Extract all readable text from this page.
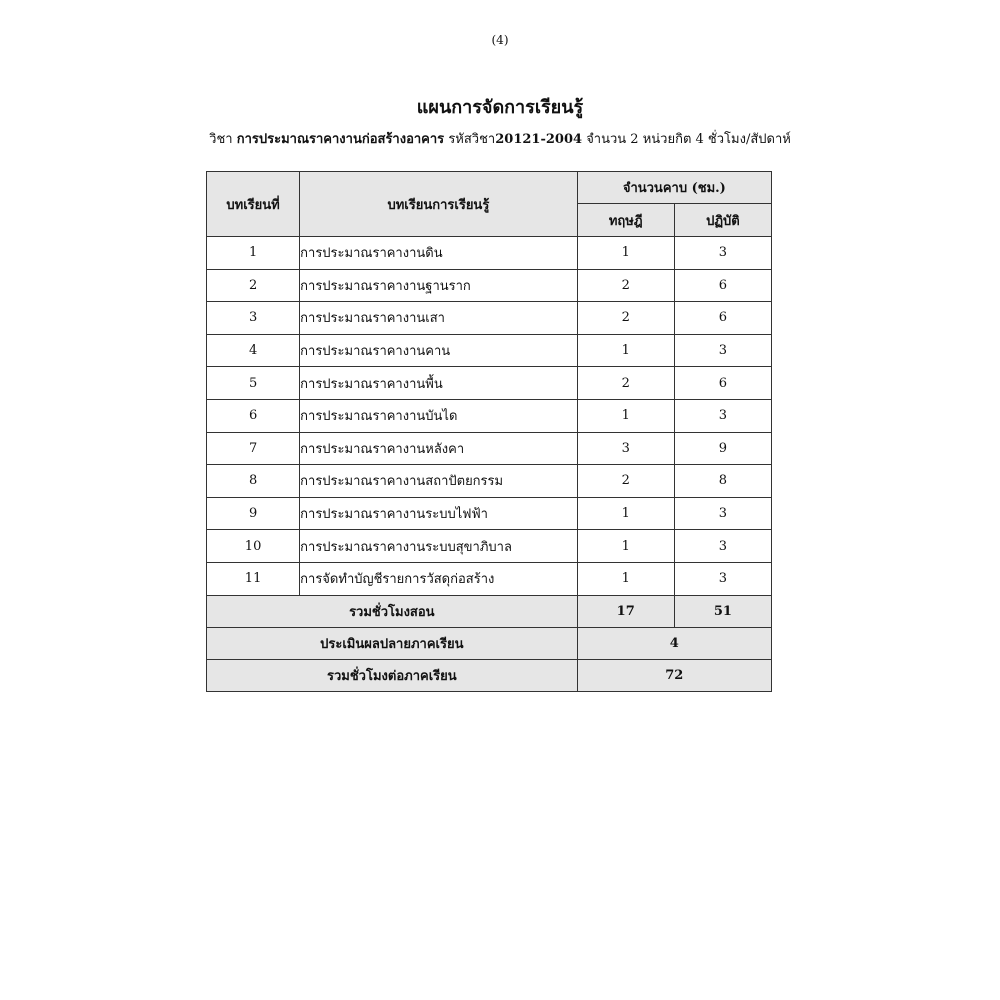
(4)
แผนการจัดการเรียนรู้
วิชา การประมาณราคางานก่อสร้างอาคาร รหัสวิชา20121-2004 จำนวน 2 หน่วยกิต 4 ชั่วโมง/สัปดาห์
บทเรียนที่	บทเรียนการเรียนรู้	จำนวนคาบ (ชม.)	
		ทฤษฎี	ปฏิบัติ
1	การประมาณราคางานดิน	1	3
2	การประมาณราคางานฐานราก	2	6
3	การประมาณราคางานเสา	2	6
4	การประมาณราคางานคาน	1	3
5	การประมาณราคางานพื้น	2	6
6	การประมาณราคางานบันได	1	3
7	การประมาณราคางานหลังคา	3	9
8	การประมาณราคางานสถาปัตยกรรม	2	8
9	การประมาณราคางานระบบไฟฟ้า	1	3
10	การประมาณราคางานระบบสุขาภิบาล	1	3
11	การจัดทำบัญชีรายการวัสดุก่อสร้าง	1	3
รวมชั่วโมงสอน		17	51
ประเมินผลปลายภาคเรียน		4	
รวมชั่วโมงต่อภาคเรียน		72	
